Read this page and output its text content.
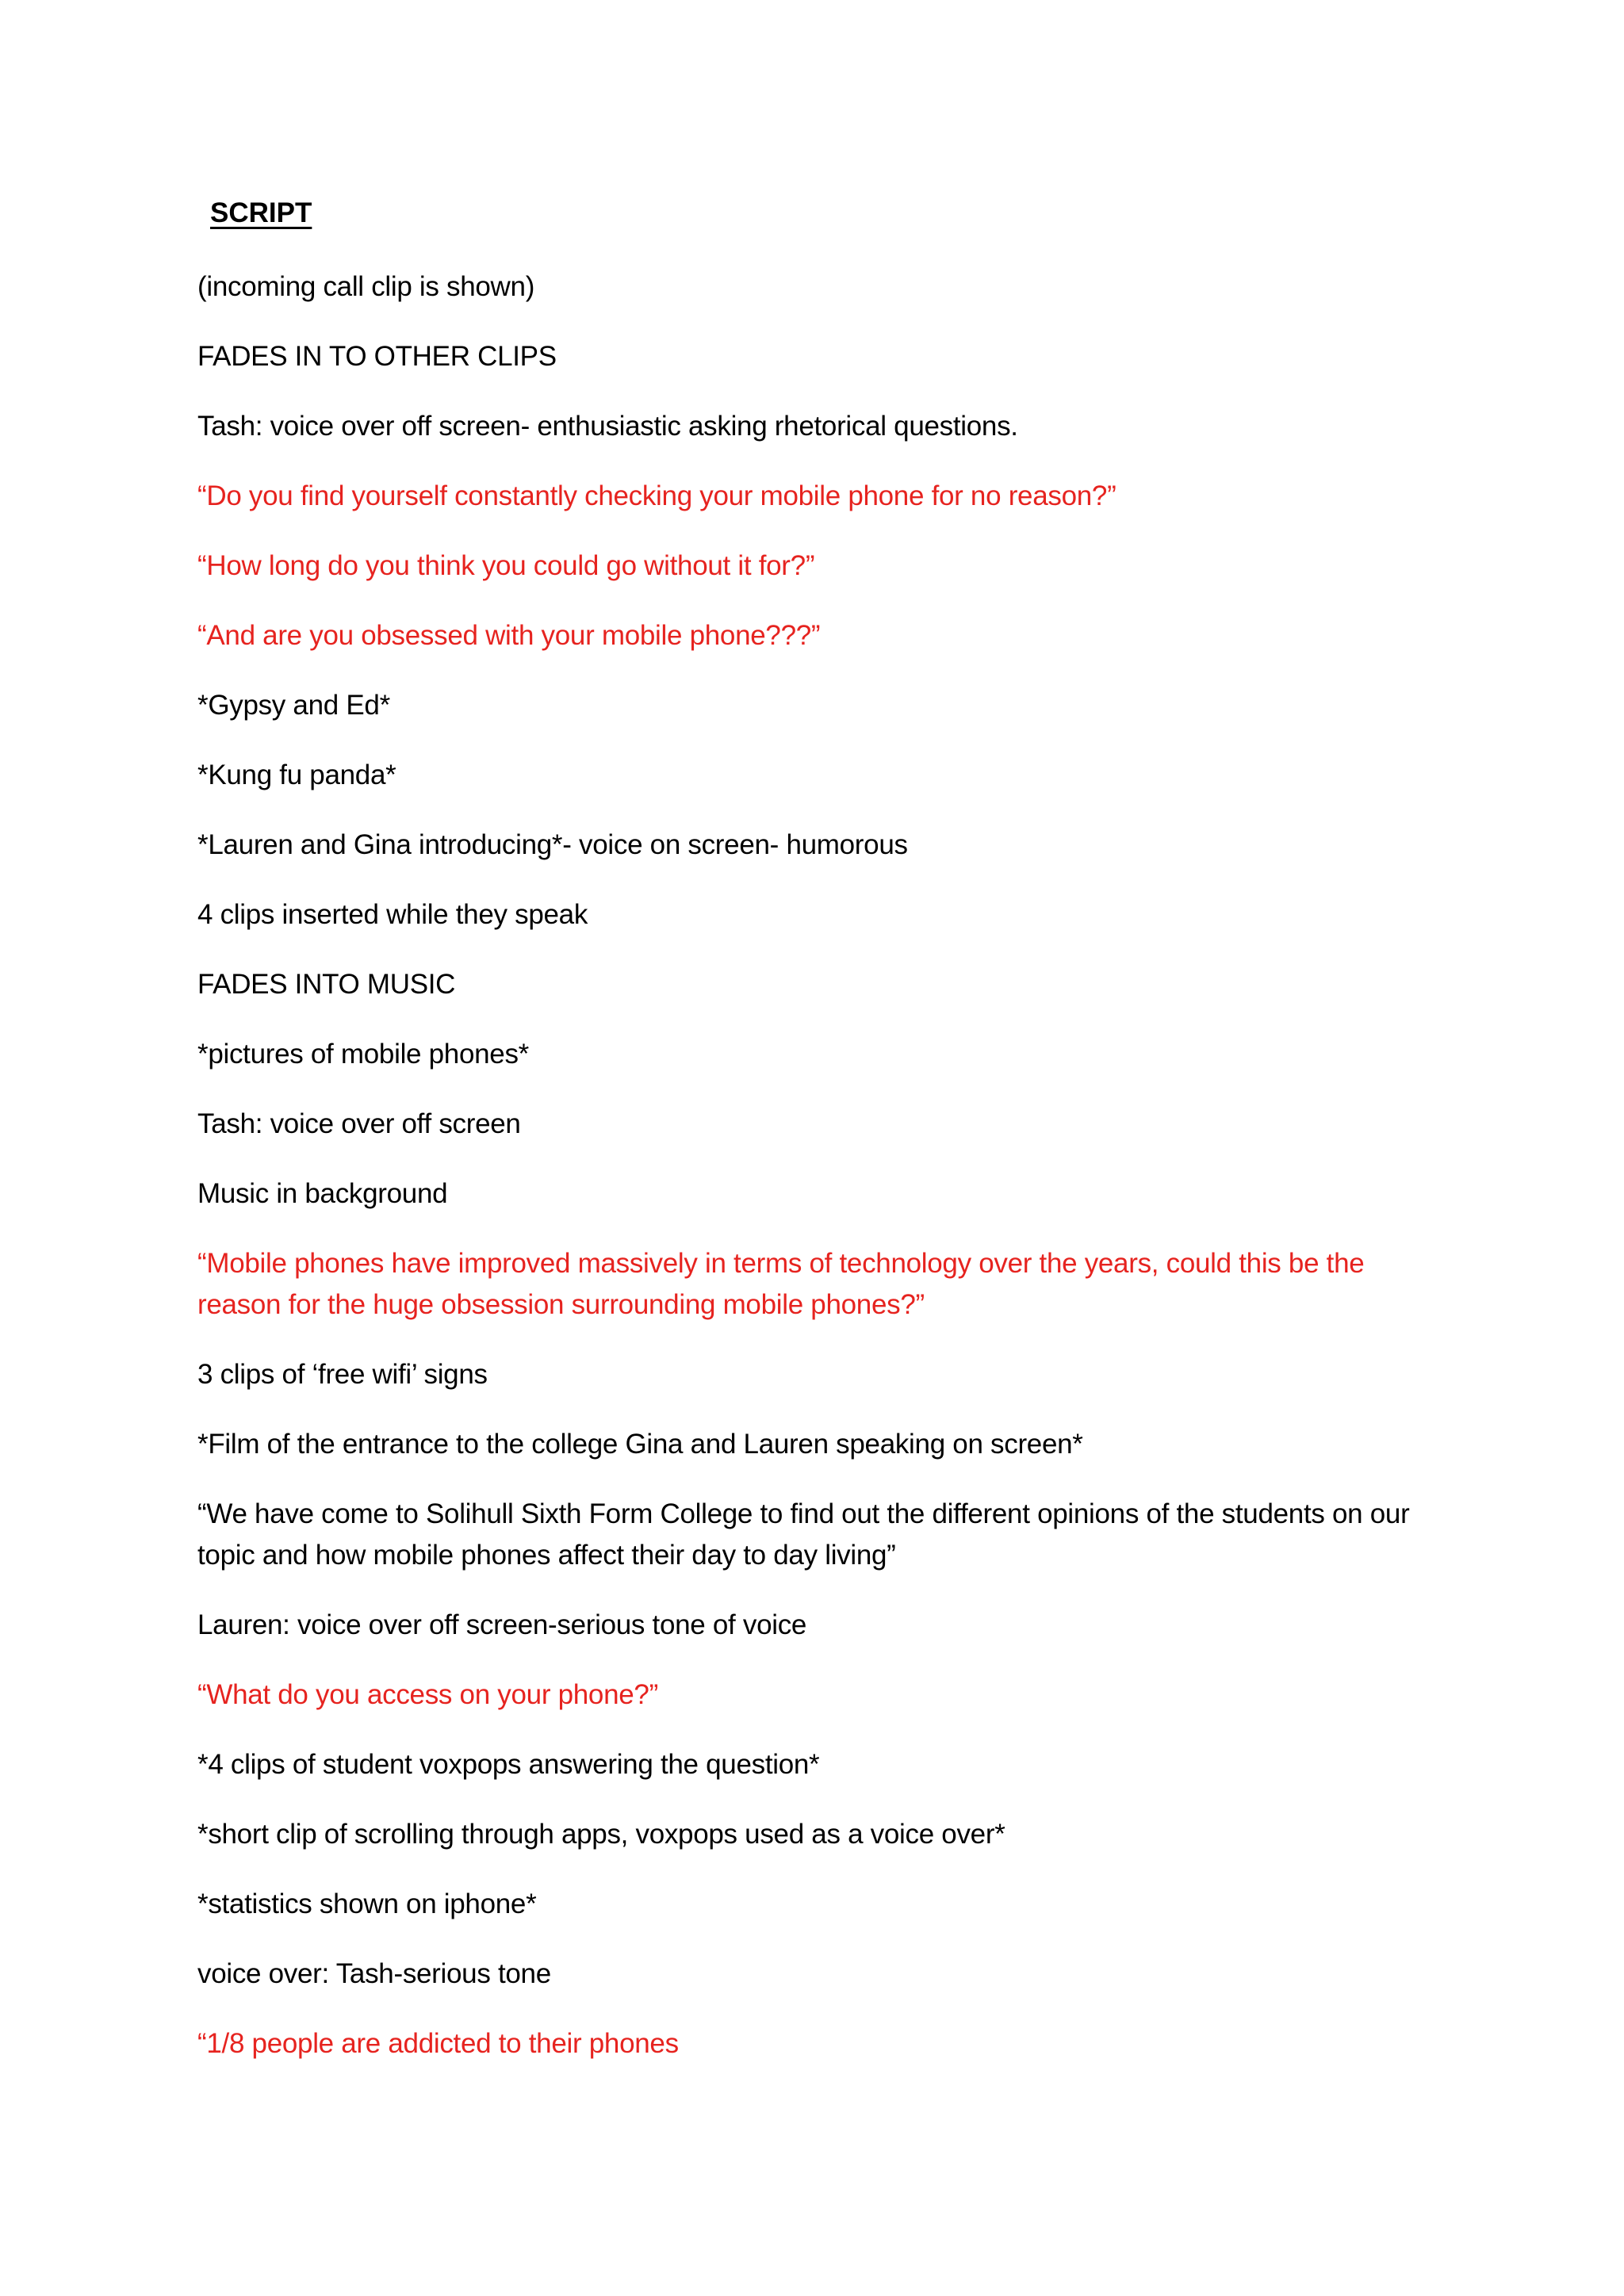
SCRIPT

(incoming call clip is shown)

FADES IN TO OTHER CLIPS

Tash: voice over off screen- enthusiastic asking rhetorical questions.

“Do you find yourself constantly checking your mobile phone for no reason?”

“How long do you think you could go without it for?”

“And are you obsessed with your mobile phone???”

*Gypsy and Ed*

*Kung fu panda*

*Lauren and Gina introducing*- voice on screen- humorous

4 clips inserted while they speak

FADES INTO MUSIC

*pictures of mobile phones*

Tash: voice over off screen

Music in background

“Mobile phones have improved massively in terms of technology over the years, could this be the reason for the huge obsession surrounding mobile phones?”

3 clips of ‘free wifi’ signs

*Film of the entrance to the college Gina and Lauren speaking on screen*

“We have come to Solihull Sixth Form College to find out the different opinions of the students on our topic and how mobile phones affect their day to day living”

Lauren: voice over off screen-serious tone of voice

“What do you access on your phone?”

*4 clips of student voxpops answering the question*

*short clip of scrolling through apps, voxpops used as a voice over*

*statistics shown on iphone*

voice over: Tash-serious tone

“1/8 people are addicted to their phones
